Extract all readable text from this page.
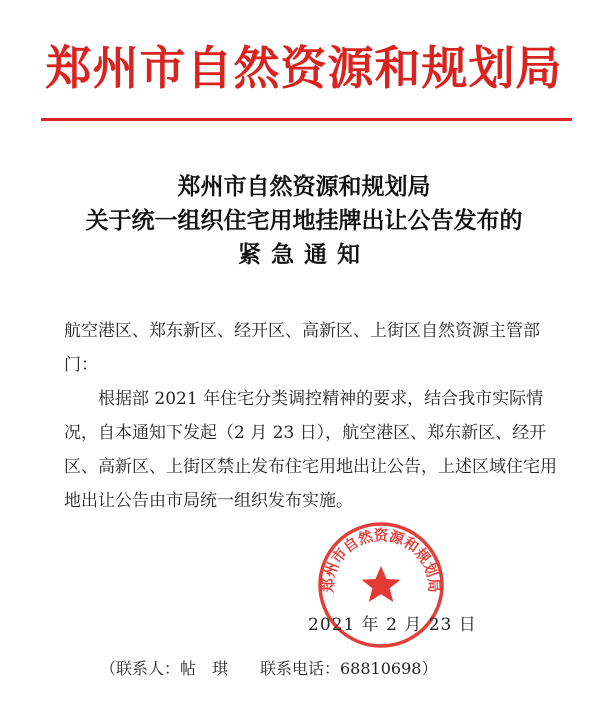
郑州市自然资源和规划局
郑州市自然资源和规划局
关于统一组织住宅用地挂牌出让公告发布的
紧急通知
航空港区、郑东新区、经开区、高新区、上街区自然资源主管部门：
根据部 2021 年住宅分类调控精神的要求，结合我市实际情况，自本通知下发起（2 月 23 日），航空港区、郑东新区、经开区、高新区、上街区禁止发布住宅用地出让公告，上述区域住宅用地出让公告由市局统一组织发布实施。
郑州市自然资源和规划局
2021 年 2 月 23 日
（联系人：帖　琪　　联系电话：68810698）
